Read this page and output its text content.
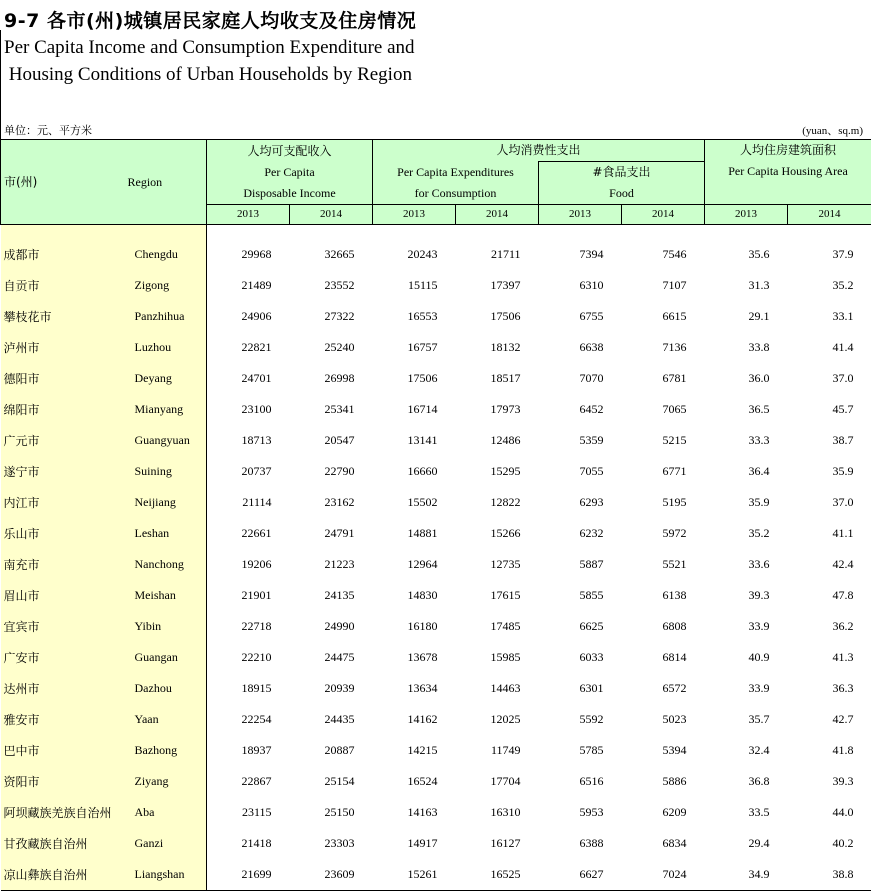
9-7 各市(州)城镇居民家庭人均收支及住房情况
Per Capita Income and Consumption Expenditure and
Housing Conditions of Urban Households by Region
单位：元、平方米	(yuan、sq.m)
市(州)	Region	人均可支配收入
Per Capita
Disposable Income		人均消费性支出				人均住房建筑面积
Per Capita Housing Area	

				Per Capita Expenditures
for Consumption		#食品支出
Food			

		2013	2014	2013	2014	2013	2014	2013	2014

成都市	Chengdu	29968	32665	20243	21711	7394	7546	35.6	37.9
自贡市	Zigong	21489	23552	15115	17397	6310	7107	31.3	35.2
攀枝花市	Panzhihua	24906	27322	16553	17506	6755	6615	29.1	33.1
泸州市	Luzhou	22821	25240	16757	18132	6638	7136	33.8	41.4
德阳市	Deyang	24701	26998	17506	18517	7070	6781	36.0	37.0
绵阳市	Mianyang	23100	25341	16714	17973	6452	7065	36.5	45.7
广元市	Guangyuan	18713	20547	13141	12486	5359	5215	33.3	38.7
遂宁市	Suining	20737	22790	16660	15295	7055	6771	36.4	35.9
内江市	Neijiang	21114	23162	15502	12822	6293	5195	35.9	37.0
乐山市	Leshan	22661	24791	14881	15266	6232	5972	35.2	41.1
南充市	Nanchong	19206	21223	12964	12735	5887	5521	33.6	42.4
眉山市	Meishan	21901	24135	14830	17615	5855	6138	39.3	47.8
宜宾市	Yibin	22718	24990	16180	17485	6625	6808	33.9	36.2
广安市	Guangan	22210	24475	13678	15985	6033	6814	40.9	41.3
达州市	Dazhou	18915	20939	13634	14463	6301	6572	33.9	36.3
雅安市	Yaan	22254	24435	14162	12025	5592	5023	35.7	42.7
巴中市	Bazhong	18937	20887	14215	11749	5785	5394	32.4	41.8
资阳市	Ziyang	22867	25154	16524	17704	6516	5886	36.8	39.3
阿坝藏族羌族自治州	Aba	23115	25150	14163	16310	5953	6209	33.5	44.0
甘孜藏族自治州	Ganzi	21418	23303	14917	16127	6388	6834	29.4	40.2
凉山彝族自治州	Liangshan	21699	23609	15261	16525	6627	7024	34.9	38.8
